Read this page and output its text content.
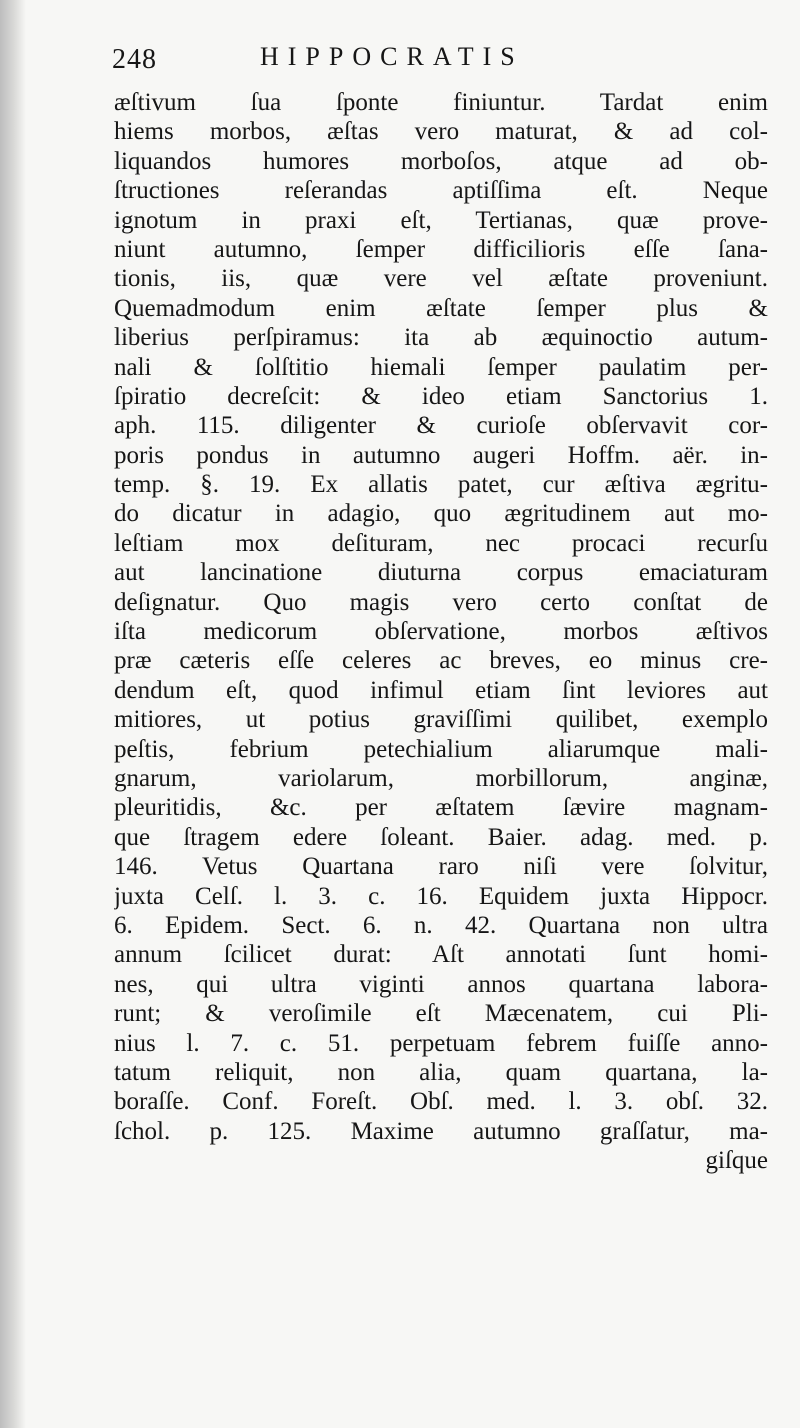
248	HIPPOCRATIS
æſtivum ſua ſponte finiuntur. Tardat enim
hiems morbos, æſtas vero maturat, & ad col-
liquandos humores morboſos, atque ad ob-
ſtructiones reſerandas aptiſſima eſt. Neque
ignotum in praxi eſt, Tertianas, quæ prove-
niunt autumno, ſemper difficilioris eſſe ſana-
tionis, iis, quæ vere vel æſtate proveniunt.
Quemadmodum enim æſtate ſemper plus &
liberius perſpiramus: ita ab æquinoctio autum-
nali & ſolſtitio hiemali ſemper paulatim per-
ſpiratio decreſcit: & ideo etiam Sanctorius 1.
aph. 115. diligenter & curioſe obſervavit cor-
poris pondus in autumno augeri Hoffm. aër. in-
temp. §. 19. Ex allatis patet, cur æſtiva ægritu-
do dicatur in adagio, quo ægritudinem aut mo-
leſtiam mox deſituram, nec procaci recurſu
aut lancinatione diuturna corpus emaciaturam
deſignatur. Quo magis vero certo conſtat de
iſta medicorum obſervatione, morbos æſtivos
præ cæteris eſſe celeres ac breves, eo minus cre-
dendum eſt, quod infimul etiam ſint leviores aut
mitiores, ut potius graviſſimi quilibet, exemplo
peſtis, febrium petechialium aliarumque mali-
gnarum, variolarum, morbillorum, anginæ,
pleuritidis, &c. per æſtatem ſævire magnam-
que ſtragem edere ſoleant. Baier. adag. med. p.
146. Vetus Quartana raro niſi vere ſolvitur,
juxta Celſ. l. 3. c. 16. Equidem juxta Hippocr.
6. Epidem. Sect. 6. n. 42. Quartana non ultra
annum ſcilicet durat: Aſt annotati ſunt homi-
nes, qui ultra viginti annos quartana labora-
runt; & veroſimile eſt Mæcenatem, cui Pli-
nius l. 7. c. 51. perpetuam febrem fuiſſe anno-
tatum reliquit, non alia, quam quartana, la-
boraſſe. Conf. Foreſt. Obſ. med. l. 3. obſ. 32.
ſchol. p. 125. Maxime autumno graſſatur, ma-
giſque
